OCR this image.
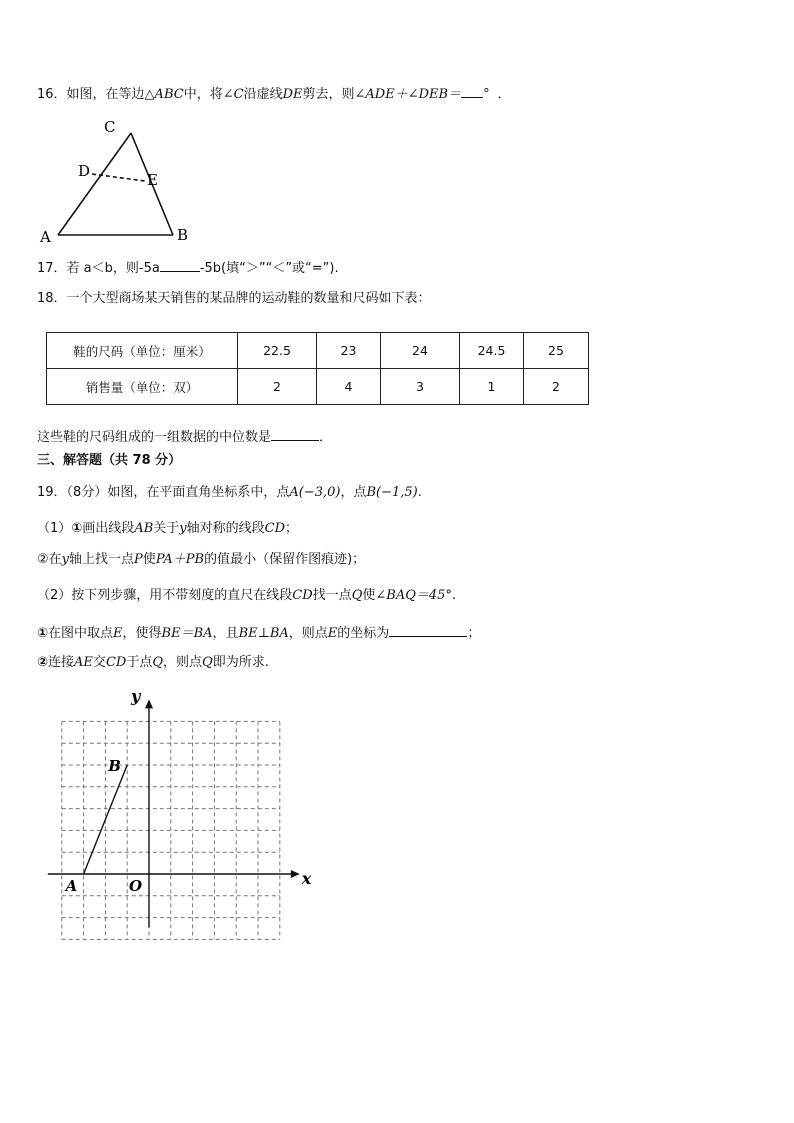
16．如图，在等边△ABC中，将∠C沿虚线DE剪去，则∠ADE＋∠DEB＝ ° ．
C
D	E
A	B
17．若 a＜b，则-5a	-5b(填“＞”“＜”或“=”).
18．一个大型商场某天销售的某品牌的运动鞋的数量和尺码如下表：
鞋的尺码（单位：厘米）	22.5	23	24	24.5	25
销售量（单位：双）	2	4	3	1	2
这些鞋的尺码组成的一组数据的中位数是	．
三、解答题（共 78 分）
19．（8分）如图，在平面直角坐标系中，点A(−3,0)，点B(−1,5).
（1）①画出线段AB关于y轴对称的线段CD；
②在y轴上找一点P使PA＋PB的值最小（保留作图痕迹)；
（2）按下列步骤，用不带刻度的直尺在线段CD找一点Q使∠BAQ＝45°.
①在图中取点E，使得BE＝BA，且BE⊥BA，则点E的坐标为	；
②连接AE交CD于点Q，则点Q即为所求.
x
y
O
A
B
